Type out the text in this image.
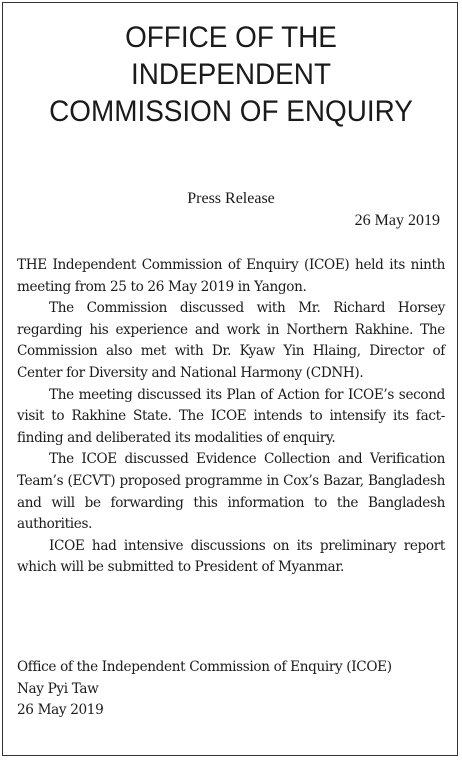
OFFICE OF THE
INDEPENDENT
COMMISSION OF ENQUIRY
Press Release
26 May 2019

THE Independent Commission of Enquiry (ICOE) held its ninth meeting from 25 to 26 May 2019 in Yangon.

The Commission discussed with Mr. Richard Horsey regarding his experience and work in Northern Rakhine. The Commission also met with Dr. Kyaw Yin Hlaing, Director of Center for Diversity and National Harmony (CDNH).

The meeting discussed its Plan of Action for ICOE’s second visit to Rakhine State. The ICOE intends to intensify its fact-finding and deliberated its modalities of enquiry.

The ICOE discussed Evidence Collection and Verification Team’s (ECVT) proposed programme in Cox’s Bazar, Bangladesh and will be forwarding this information to the Bangladesh authorities.

ICOE had intensive discussions on its preliminary report which will be submitted to President of Myanmar.

Office of the Independent Commission of Enquiry (ICOE)
Nay Pyi Taw
26 May 2019
